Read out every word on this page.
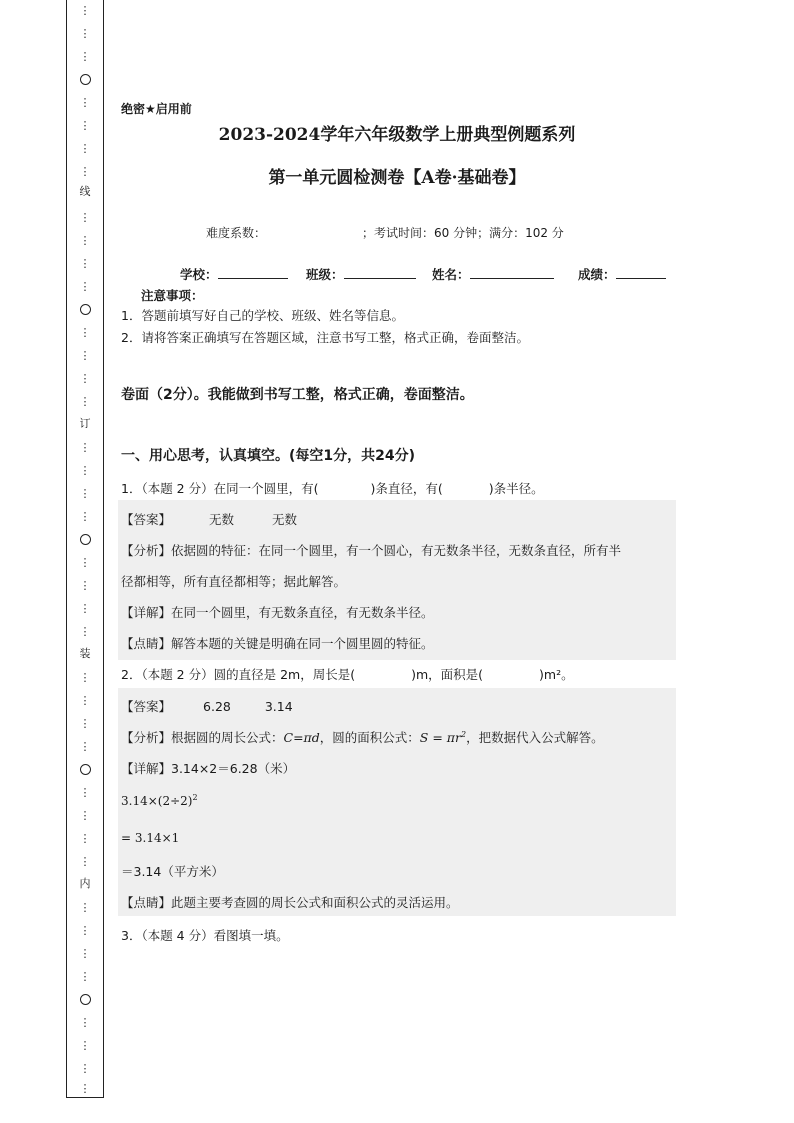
⋮
⋮
⋮
⋮
⋮
⋮
⋮
线
⋮
⋮
⋮
⋮
⋮
⋮
⋮
⋮
订
⋮
⋮
⋮
⋮
⋮
⋮
⋮
⋮
装
⋮
⋮
⋮
⋮
⋮
⋮
⋮
⋮
内
⋮
⋮
⋮
⋮
⋮
⋮
⋮
⋮
绝密★启用前
2023-2024学年六年级数学上册典型例题系列
第一单元圆检测卷【A卷·基础卷】
难度系数：	；考试时间：60 分钟；满分：102 分
学校：	班级：	姓名：	成绩：
注意事项：
1．答题前填写好自己的学校、班级、姓名等信息。
2．请将答案正确填写在答题区域，注意书写工整，格式正确，卷面整洁。
卷面（2分）。我能做到书写工整，格式正确，卷面整洁。
一、用心思考，认真填空。(每空1分，共24分)
1．（本题 2 分）在同一个圆里，有(	)条直径，有(	)条半径。
【答案】	无数	无数
【分析】依据圆的特征：在同一个圆里，有一个圆心，有无数条半径，无数条直径，所有半
径都相等，所有直径都相等；据此解答。
【详解】在同一个圆里，有无数条直径，有无数条半径。
【点睛】解答本题的关键是明确在同一个圆里圆的特征。
2．（本题 2 分）圆的直径是 2m，周长是(	)m，面积是(	)m²。
【答案】	6.28	3.14
【分析】根据圆的周长公式：C=πd，圆的面积公式：$S = \pi r^2$，把数据代入公式解答。
【详解】3.14×2＝6.28（米）
$3.14\times(2\div 2)^2$
= 3.14×1
＝3.14（平方米）
【点睛】此题主要考查圆的周长公式和面积公式的灵活运用。
3．（本题 4 分）看图填一填。
